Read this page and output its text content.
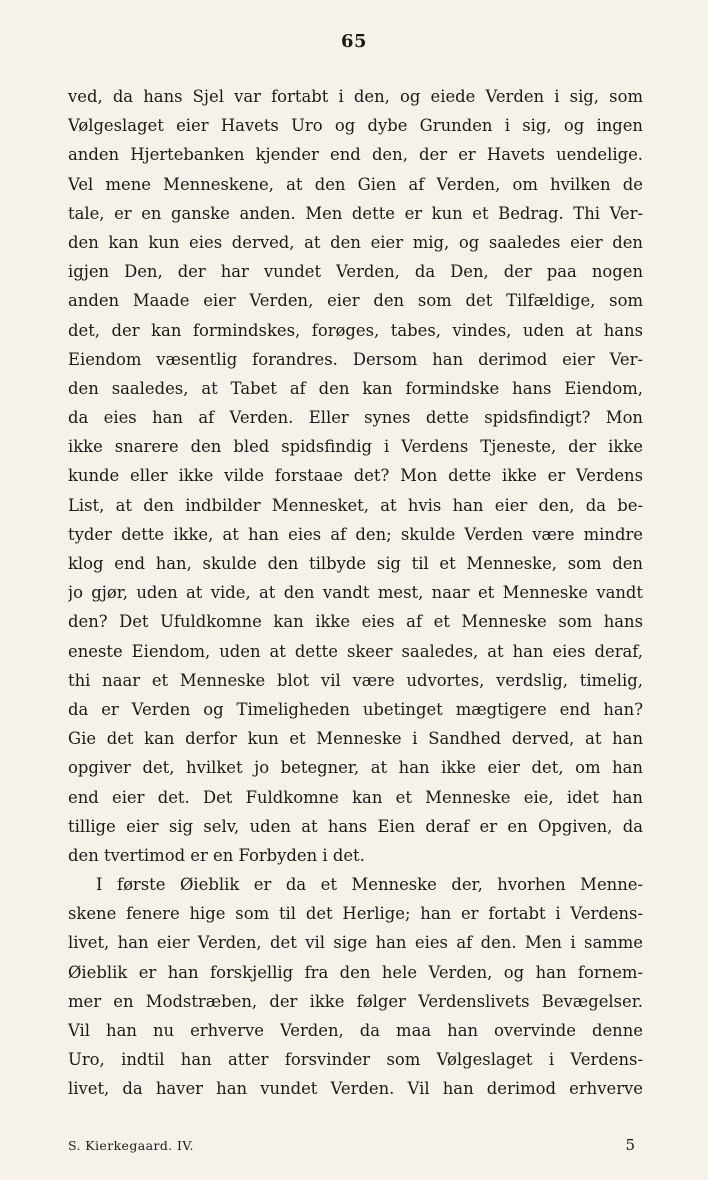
65
ved, da hans Sjel var fortabt i den, og eiede Verden i sig, som
Vølgeslaget eier Havets Uro og dybe Grunden i sig, og ingen
anden Hjertebanken kjender end den, der er Havets uendelige.
Vel mene Menneskene, at den Gien af Verden, om hvilken de
tale, er en ganske anden. Men dette er kun et Bedrag. Thi Ver-
den kan kun eies derved, at den eier mig, og saaledes eier den
igjen Den, der har vundet Verden, da Den, der paa nogen
anden Maade eier Verden, eier den som det Tilfældige, som
det, der kan formindskes, forøges, tabes, vindes, uden at hans
Eiendom væsentlig forandres. Dersom han derimod eier Ver-
den saaledes, at Tabet af den kan formindske hans Eiendom,
da eies han af Verden. Eller synes dette spidsfindigt? Mon
ikke snarere den bled spidsfindig i Verdens Tjeneste, der ikke
kunde eller ikke vilde forstaae det? Mon dette ikke er Verdens
List, at den indbilder Mennesket, at hvis han eier den, da be-
tyder dette ikke, at han eies af den; skulde Verden være mindre
klog end han, skulde den tilbyde sig til et Menneske, som den
jo gjør, uden at vide, at den vandt mest, naar et Menneske vandt
den? Det Ufuldkomne kan ikke eies af et Menneske som hans
eneste Eiendom, uden at dette skeer saaledes, at han eies deraf,
thi naar et Menneske blot vil være udvortes, verdslig, timelig,
da er Verden og Timeligheden ubetinget mægtigere end han?
Gie det kan derfor kun et Menneske i Sandhed derved, at han
opgiver det, hvilket jo betegner, at han ikke eier det, om han
end eier det. Det Fuldkomne kan et Menneske eie, idet han
tillige eier sig selv, uden at hans Eien deraf er en Opgiven, da
den tvertimod er en Forbyden i det.
I første Øieblik er da et Menneske der, hvorhen Menne-
skene fenere hige som til det Herlige; han er fortabt i Verdens-
livet, han eier Verden, det vil sige han eies af den. Men i samme
Øieblik er han forskjellig fra den hele Verden, og han fornem-
mer en Modstræben, der ikke følger Verdenslivets Bevægelser.
Vil han nu erhverve Verden, da maa han overvinde denne
Uro, indtil han atter forsvinder som Vølgeslaget i Verdens-
livet, da haver han vundet Verden. Vil han derimod erhverve
S. Kierkegaard. IV.	5
